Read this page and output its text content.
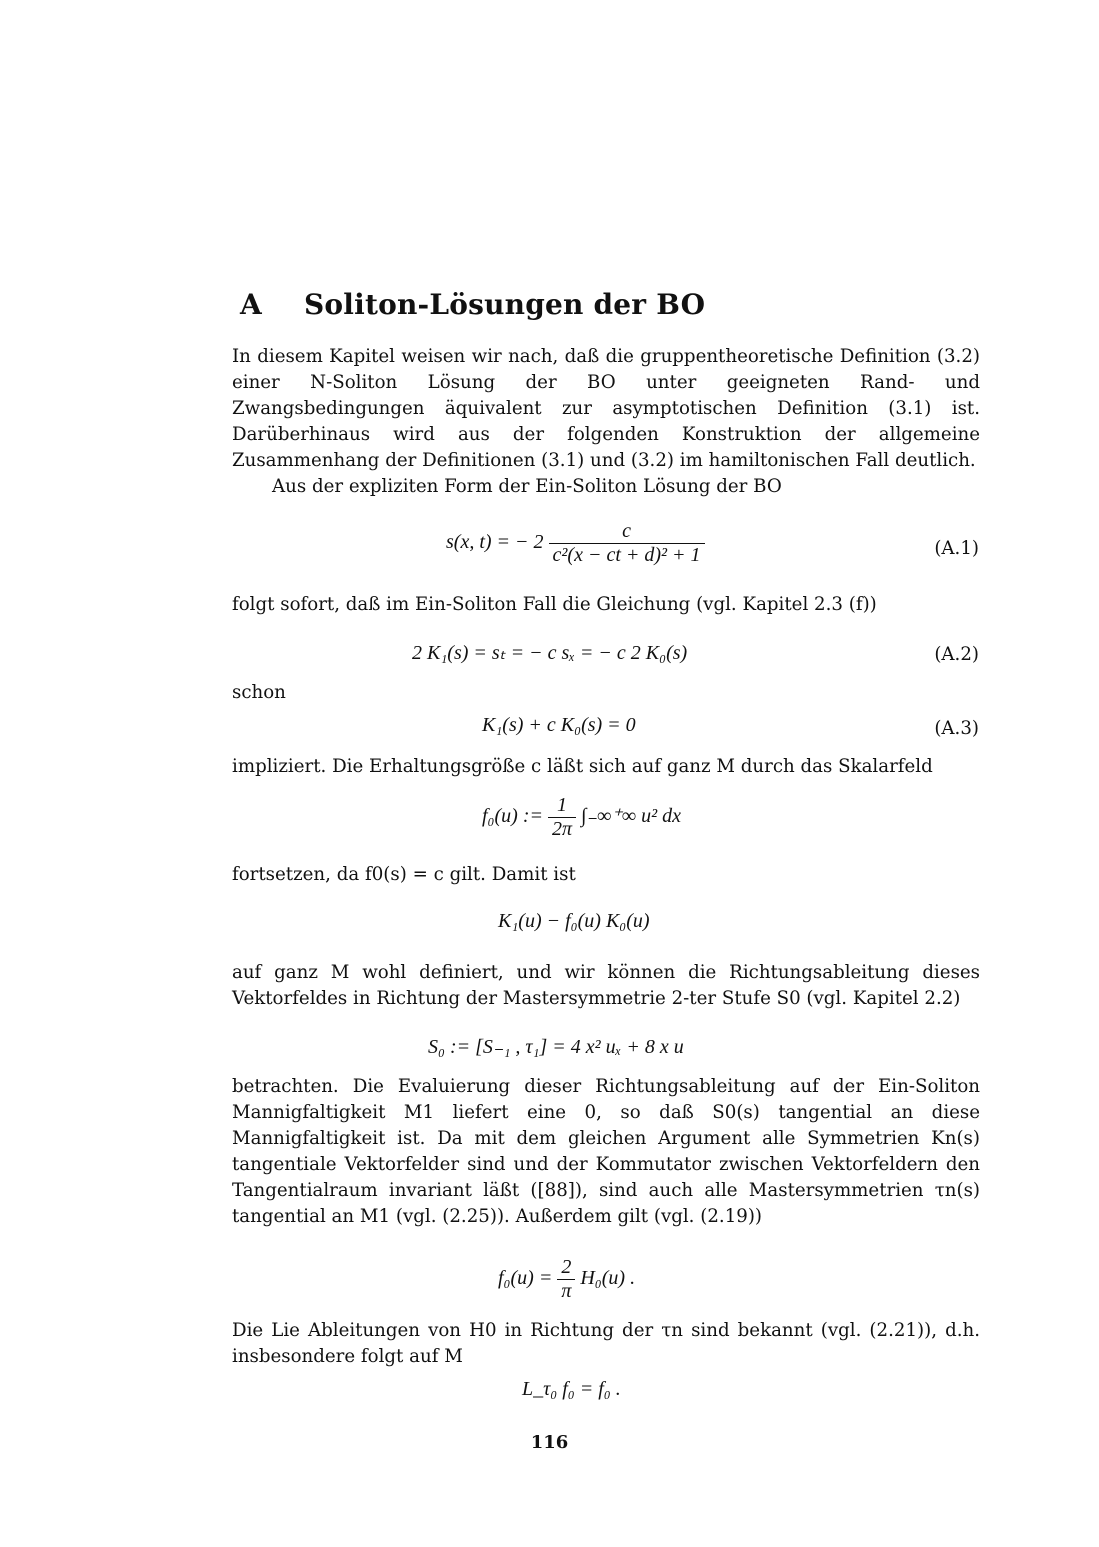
A Soliton-Lösungen der BO
In diesem Kapitel weisen wir nach, daß die gruppentheoretische Definition (3.2) einer N-Soliton Lösung der BO unter geeigneten Rand- und Zwangsbedingungen äquivalent zur asymptotischen Definition (3.1) ist. Darüberhinaus wird aus der folgenden Konstruktion der allgemeine Zusammenhang der Definitionen (3.1) und (3.2) im hamiltonischen Fall deutlich.
Aus der expliziten Form der Ein-Soliton Lösung der BO
s(x, t) = − $2 \frac{c}{\text{c²(x − ct + d)² + 1}}$	(A.1)
folgt sofort, daß im Ein-Soliton Fall die Gleichung (vgl. Kapitel 2.3 (f))
2 K₁(s) = sₜ = − c sₓ = − c 2 K₀(s)	(A.2)
schon
K₁(s) + c K₀(s) = 0	(A.3)
impliziert. Die Erhaltungsgröße c läßt sich auf ganz M durch das Skalarfeld
f₀(u) := $\frac{1}{2\pi}$ ∫₋∞⁺∞ u² dx
fortsetzen, da f0(s) = c gilt. Damit ist
K₁(u) − f₀(u) K₀(u)
auf ganz M wohl definiert, und wir können die Richtungsableitung dieses Vektorfeldes in Richtung der Mastersymmetrie 2-ter Stufe S0 (vgl. Kapitel 2.2)
S₀ := [S₋₁ , τ₁] = 4 x² uₓ + 8 x u
betrachten. Die Evaluierung dieser Richtungsableitung auf der Ein-Soliton Mannigfaltigkeit M1 liefert eine 0, so daß S0(s) tangential an diese Mannigfaltigkeit ist. Da mit dem gleichen Argument alle Symmetrien Kn(s) tangentiale Vektorfelder sind und der Kommutator zwischen Vektorfeldern den Tangentialraum invariant läßt ([88]), sind auch alle Mastersymmetrien τn(s) tangential an M1 (vgl. (2.25)). Außerdem gilt (vgl. (2.19))
$f_0(u) = \frac{2}{\pi} H_0(u)$ .
Die Lie Ableitungen von H0 in Richtung der τn sind bekannt (vgl. (2.21)), d.h. insbesondere folgt auf M
L_τ₀ f₀ = f₀ .
116
